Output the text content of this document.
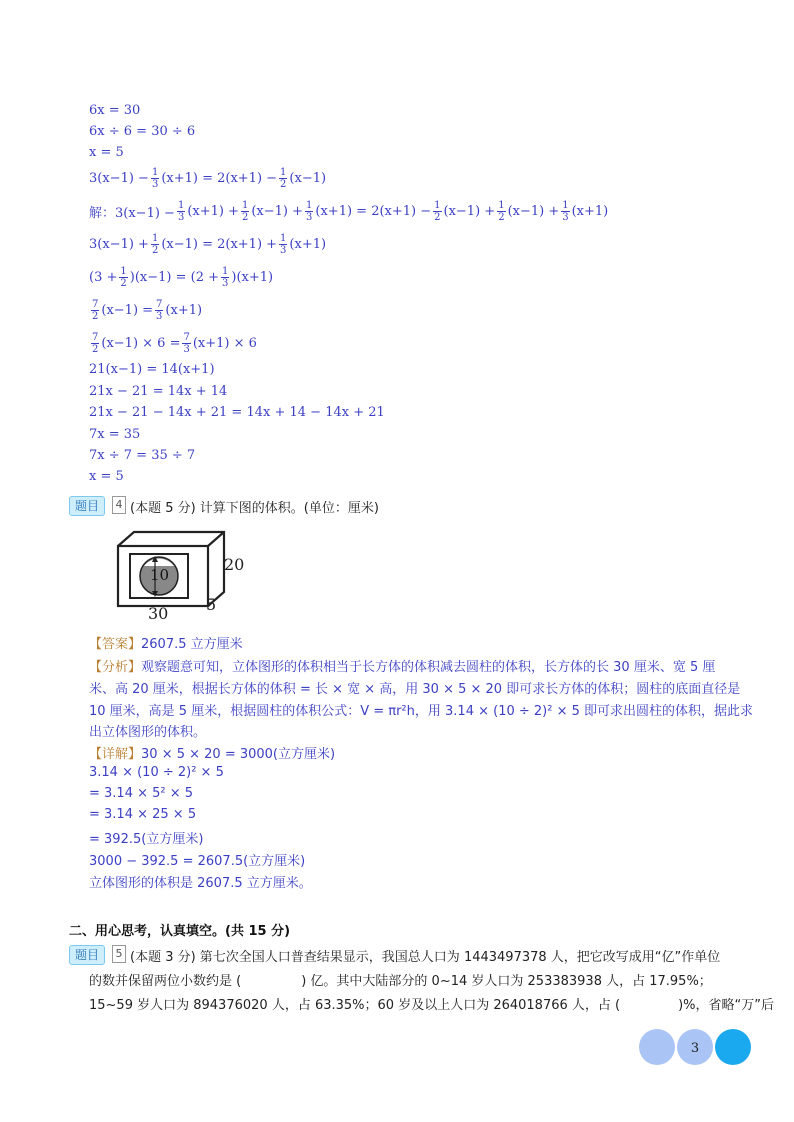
6x = 30
6x ÷ 6 = 30 ÷ 6
x = 5
$3(x-1) - \frac{1}{3} (x+1) = 2(x+1) - \frac{1}{2} (x-1)$
解：$3(x-1) - \frac{1}{3} (x+1) + \frac{1}{2} (x-1) + \frac{1}{3} (x+1) = 2(x+1) - \frac{1}{2} (x-1) + \frac{1}{2} (x-1) + \frac{1}{3} (x+1)$
$3(x-1) + \frac{1}{2} (x-1) = 2(x+1) + \frac{1}{3} (x+1)$
$(3 + \frac{1}{2} )(x-1) = (2 + \frac{1}{3} )(x+1)$
$\frac{7}{2} (x-1) = \frac{7}{3} (x+1)$
$\frac{7}{2} (x-1) \times 6 = \frac{7}{3} (x+1) \times 6$
21(x−1) = 14(x+1)
21x − 21 = 14x + 14
21x − 21 − 14x + 21 = 14x + 14 − 14x + 21
7x = 35
7x ÷ 7 = 35 ÷ 7
x = 5
题目	4 (本题 5 分) 计算下图的体积。(单位：厘米)
10
20
5
30
【答案】2607.5 立方厘米
【分析】观察题意可知，立体图形的体积相当于长方体的体积减去圆柱的体积，长方体的长 30 厘米、宽 5 厘
米、高 20 厘米，根据长方体的体积 = 长 × 宽 × 高，用 30 × 5 × 20 即可求长方体的体积；圆柱的底面直径是
10 厘米，高是 5 厘米，根据圆柱的体积公式：V = πr²h，用 3.14 × (10 ÷ 2)² × 5 即可求出圆柱的体积，据此求
出立体图形的体积。
【详解】30 × 5 × 20 = 3000(立方厘米)
3.14 × (10 ÷ 2)² × 5
= 3.14 × 5² × 5
= 3.14 × 25 × 5
= 392.5(立方厘米)
3000 − 392.5 = 2607.5(立方厘米)
立体图形的体积是 2607.5 立方厘米。
二、用心思考，认真填空。(共 15 分)
题目	5 (本题 3 分) 第七次全国人口普查结果显示，我国总人口为 1443497378 人，把它改写成用“亿”作单位
的数并保留两位小数约是 (	) 亿。其中大陆部分的 0~14 岁人口为 253383938 人，占 17.95%；
15~59 岁人口为 894376020 人，占 63.35%；60 岁及以上人口为 264018766 人，占 (	)%，省略“万”后
3
